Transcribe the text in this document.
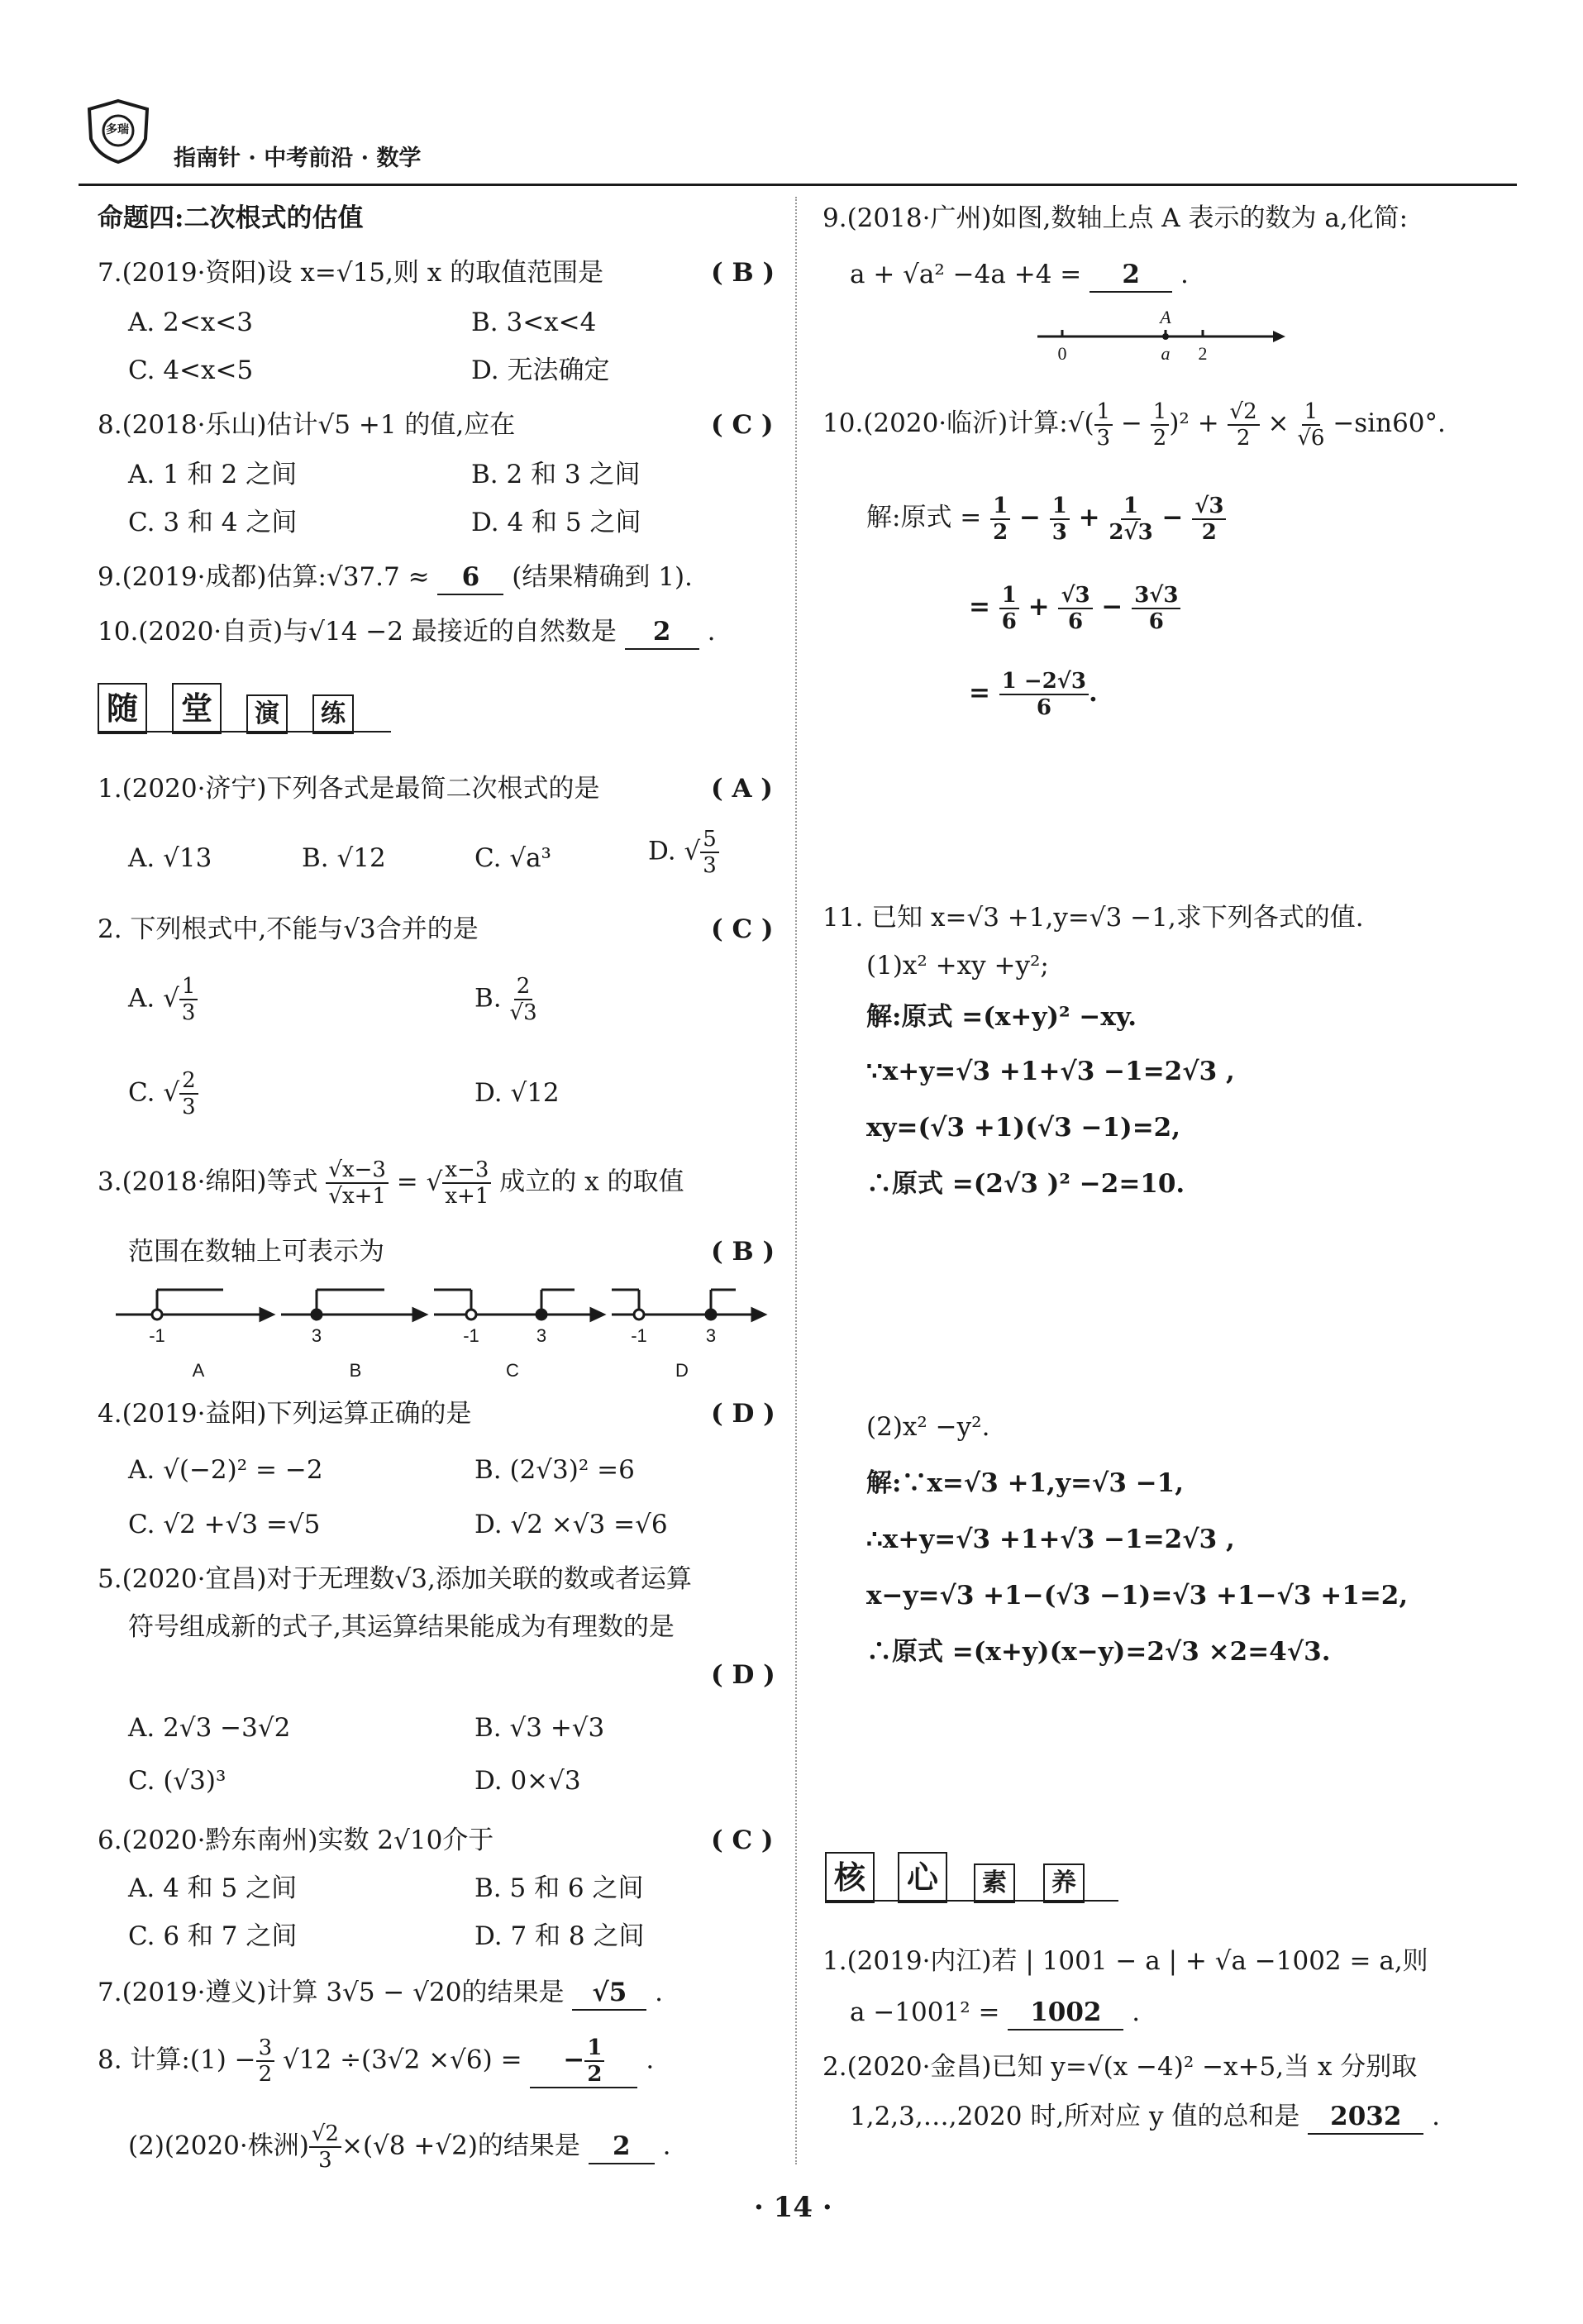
多瑞
指南针 · 中考前沿 · 数学
命题四:二次根式的估值
7.(2019·资阳)设 x=√15,则 x 的取值范围是	( B )
A. 2<x<3	B. 3<x<4
C. 4<x<5	D. 无法确定
8.(2018·乐山)估计√5 +1 的值,应在	( C )
A. 1 和 2 之间	B. 2 和 3 之间
C. 3 和 4 之间	D. 4 和 5 之间
9.(2019·成都)估算:√37.7 ≈ 6 (结果精确到 1).
10.(2020·自贡)与√14 −2 最接近的自然数是 2 .
随 堂	演	练
1.(2020·济宁)下列各式是最简二次根式的是	( A )
A. √13	B. √12	C. √a³	D. √ $\frac{5}{3}$
2. 下列根式中,不能与√3合并的是	( C )
A. √ $\frac{1}{3}$	B. $\frac{2}{√3}$
C. √ $\frac{2}{3}$	D. √12
3.(2018·绵阳)等式 $\frac{√x-3}{√x+1}$ = √ $\frac{x-3}{x+1}$ 成立的 x 的取值
范围在数轴上可表示为	( B )
-1	3	-1	3	-1	3
A	B	C	D
4.(2019·益阳)下列运算正确的是	( D )
A. √(−2)² = −2	B. (2√3)² =6
C. √2 +√3 =√5	D. √2 ×√3 =√6
5.(2020·宜昌)对于无理数√3,添加关联的数或者运算
符号组成新的式子,其运算结果能成为有理数的是
( D )
A. 2√3 −3√2	B. √3 +√3
C. (√3)³	D. 0×√3
6.(2020·黔东南州)实数 2√10介于	( C )
A. 4 和 5 之间	B. 5 和 6 之间
C. 6 和 7 之间	D. 7 和 8 之间
7.(2019·遵义)计算 3√5 − √20的结果是 √5 .
8. 计算:(1) − $\frac{3}{2} √12 \div(3√2 \times√6)$ = − $\frac{1}{2}$ .
(2)(2020·株洲) $\frac{√2}{3} \times(√8 +√2)$的结果是 2 .
9.(2018·广州)如图,数轴上点 A 表示的数为 a,化简:
a + √a² −4a +4 = 2 .
A
0	a 2
10.(2020·临沂)计算:√( $\frac{1}{3} - \frac{1}{2} )^2 + \frac{√2}{2} \times \frac{1}{√6} -\sin 60^\circ$.
解:原式 = $\frac{1}{2} - \frac{1}{3} + \frac{1}{2√3} - \frac{√3}{2}$
= $\frac{1}{6} + \frac{√3}{6} - \frac{3√3}{6}$
= $\frac{1 -2√3}{6}$ .
11. 已知 x=√3 +1,y=√3 −1,求下列各式的值.
(1)x² +xy +y²;
解:原式 =(x+y)² −xy.
∵x+y=√3 +1+√3 −1=2√3 ,
xy=(√3 +1)(√3 −1)=2,
∴原式 =(2√3 )² −2=10.
(2)x² −y².
解:∵x=√3 +1,y=√3 −1,
∴x+y=√3 +1+√3 −1=2√3 ,
x−y=√3 +1−(√3 −1)=√3 +1−√3 +1=2,
∴原式 =(x+y)(x−y)=2√3 ×2=4√3.
核 心	素	养
1.(2019·内江)若 | 1001 − a | + √a −1002 = a,则
a −1001² = 1002 .
2.(2020·金昌)已知 y=√(x −4)² −x+5,当 x 分别取
1,2,3,…,2020 时,所对应 y 值的总和是 2032 .
· 14 ·
